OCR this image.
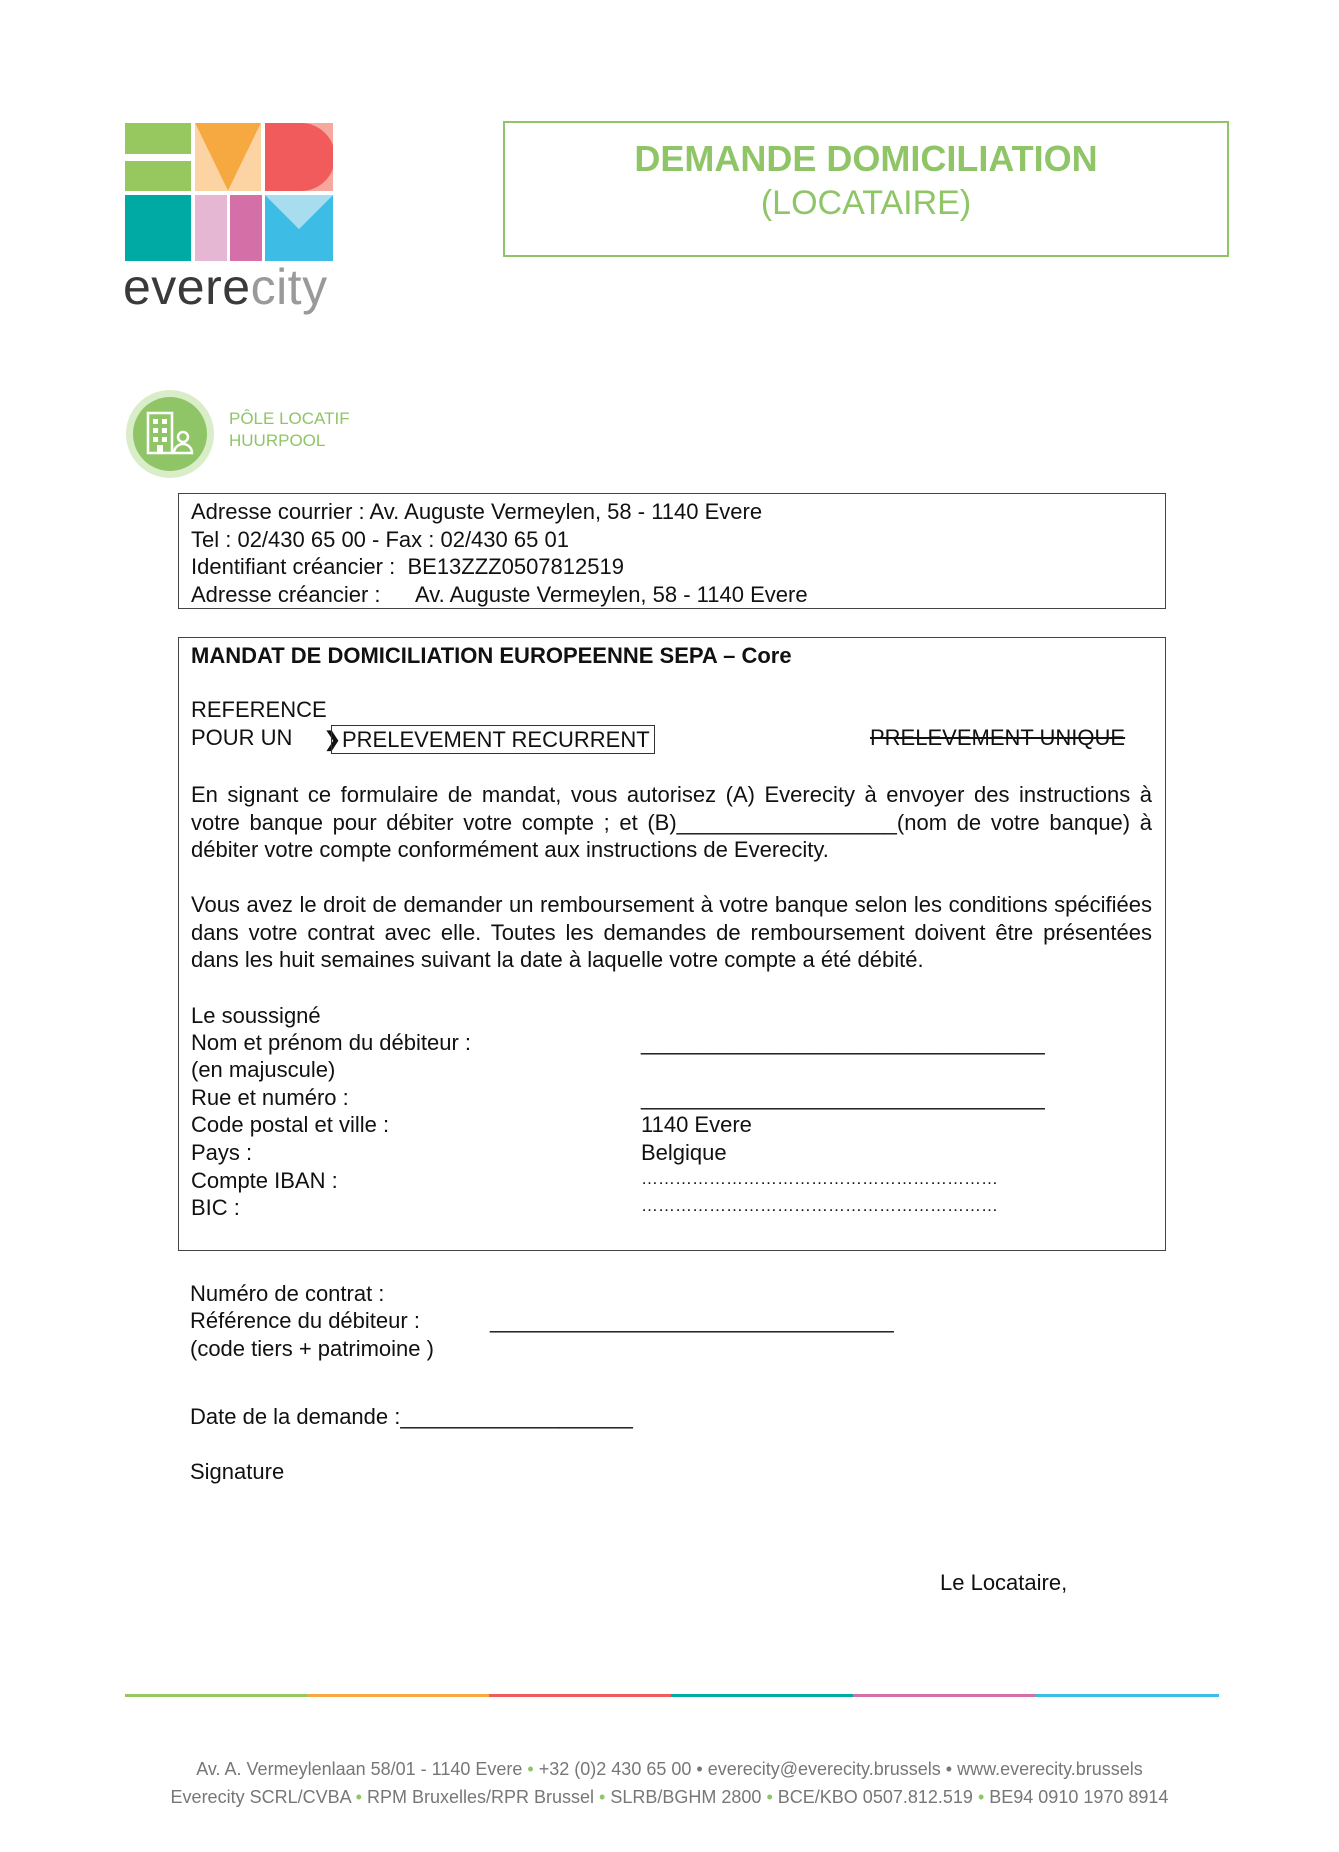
everecity
DEMANDE DOMICILIATION
(LOCATAIRE)
PÔLE LOCATIF
HUURPOOL
Adresse courrier : Av. Auguste Vermeylen, 58 - 1140 Evere
Tel : 02/430 65 00 - Fax : 02/430 65 01
Identifiant créancier : BE13ZZZ0507812519
Adresse créancier : Av. Auguste Vermeylen, 58 - 1140 Evere
MANDAT DE DOMICILIATION EUROPEENNE SEPA – Core
REFERENCE
POUR UN ❯ PRELEVEMENT RECURRENT	PRELEVEMENT UNIQUE
En signant ce formulaire de mandat, vous autorisez (A) Everecity à envoyer des instructions à votre banque pour débiter votre compte ; et (B)__________________(nom de votre banque) à débiter votre compte conformément aux instructions de Everecity.
Vous avez le droit de demander un remboursement à votre banque selon les conditions spécifiées dans votre contrat avec elle. Toutes les demandes de remboursement doivent être présentées dans les huit semaines suivant la date à laquelle votre compte a été débité.
Le soussigné
Nom et prénom du débiteur :	_________________________________
(en majuscule)
Rue et numéro :	_________________________________
Code postal et ville :	1140 Evere
Pays :	Belgique
Compte IBAN :	………………………………………………………
BIC :	………………………………………………………
Numéro de contrat :
Référence du débiteur :	_________________________________
(code tiers + patrimoine )
Date de la demande :___________________
Signature
Le Locataire,
Av. A. Vermeylenlaan 58/01 - 1140 Evere • +32 (0)2 430 65 00 • everecity@everecity.brussels • www.everecity.brussels
Everecity SCRL/CVBA • RPM Bruxelles/RPR Brussel • SLRB/BGHM 2800 • BCE/KBO 0507.812.519 • BE94 0910 1970 8914
